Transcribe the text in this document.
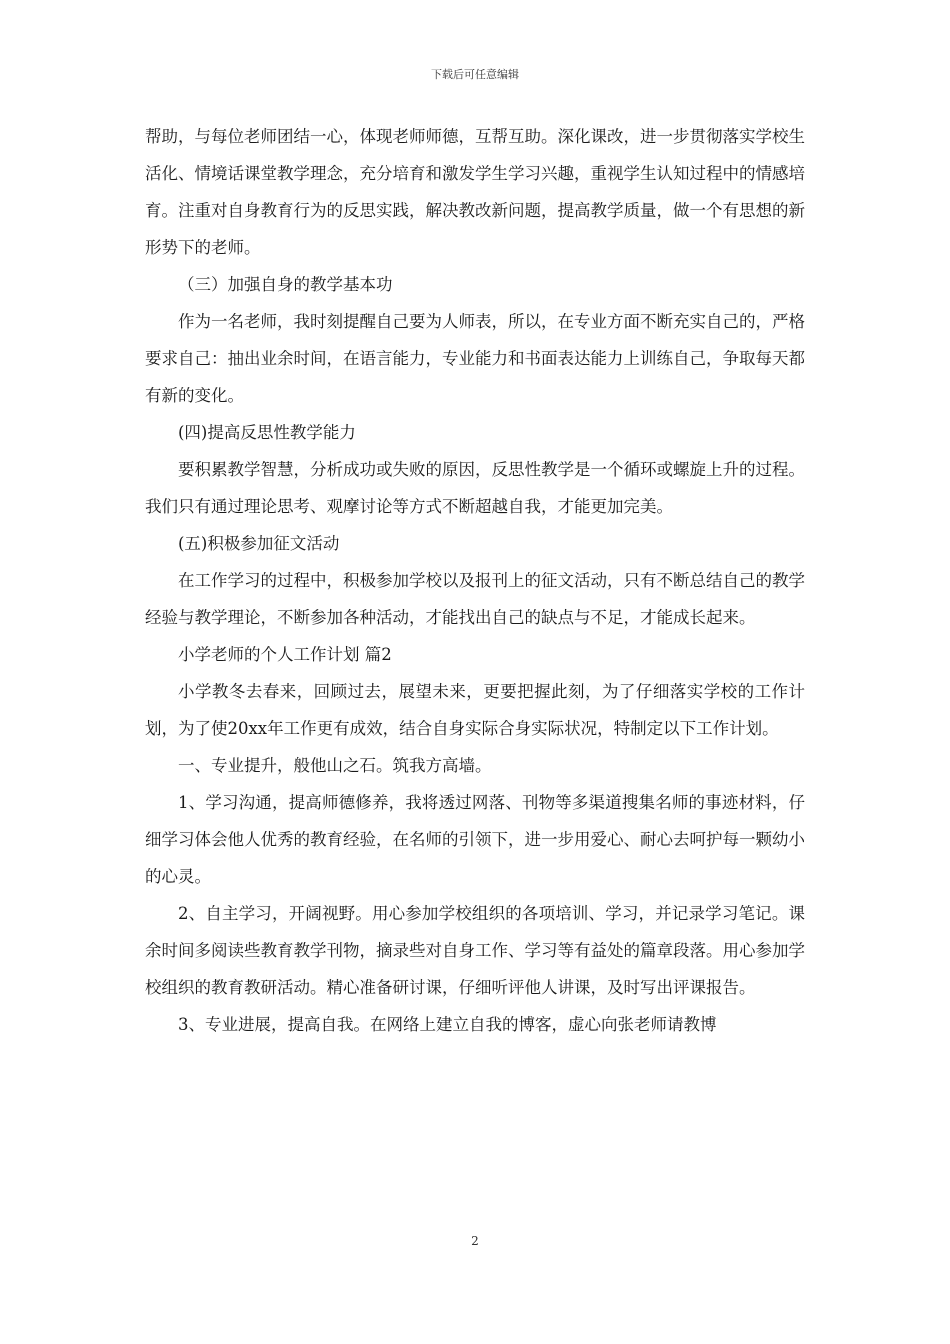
下载后可任意编辑

帮助，与每位老师团结一心，体现老师师德，互帮互助。深化课改，进一步贯彻落实学校生活化、情境话课堂教学理念，充分培育和激发学生学习兴趣，重视学生认知过程中的情感培育。注重对自身教育行为的反思实践，解决教改新问题，提高教学质量，做一个有思想的新形势下的老师。

（三）加强自身的教学基本功

作为一名老师，我时刻提醒自己要为人师表，所以，在专业方面不断充实自己的，严格要求自己：抽出业余时间，在语言能力，专业能力和书面表达能力上训练自己，争取每天都有新的变化。

(四)提高反思性教学能力

要积累教学智慧，分析成功或失败的原因，反思性教学是一个循环或螺旋上升的过程。我们只有通过理论思考、观摩讨论等方式不断超越自我，才能更加完美。

(五)积极参加征文活动

在工作学习的过程中，积极参加学校以及报刊上的征文活动，只有不断总结自己的教学经验与教学理论，不断参加各种活动，才能找出自己的缺点与不足，才能成长起来。

小学老师的个人工作计划 篇2

小学教冬去春来，回顾过去，展望未来，更要把握此刻，为了仔细落实学校的工作计划，为了使20xx年工作更有成效，结合自身实际合身实际状况，特制定以下工作计划。

一、专业提升，般他山之石。筑我方高墙。

1、学习沟通，提高师德修养，我将透过网落、刊物等多渠道搜集名师的事迹材料，仔细学习体会他人优秀的教育经验，在名师的引领下，进一步用爱心、耐心去呵护每一颗幼小的心灵。

2、自主学习，开阔视野。用心参加学校组织的各项培训、学习，并记录学习笔记。课余时间多阅读些教育教学刊物，摘录些对自身工作、学习等有益处的篇章段落。用心参加学校组织的教育教研活动。精心准备研讨课，仔细听评他人讲课，及时写出评课报告。

3、专业进展，提高自我。在网络上建立自我的博客，虚心向张老师请教博

2
